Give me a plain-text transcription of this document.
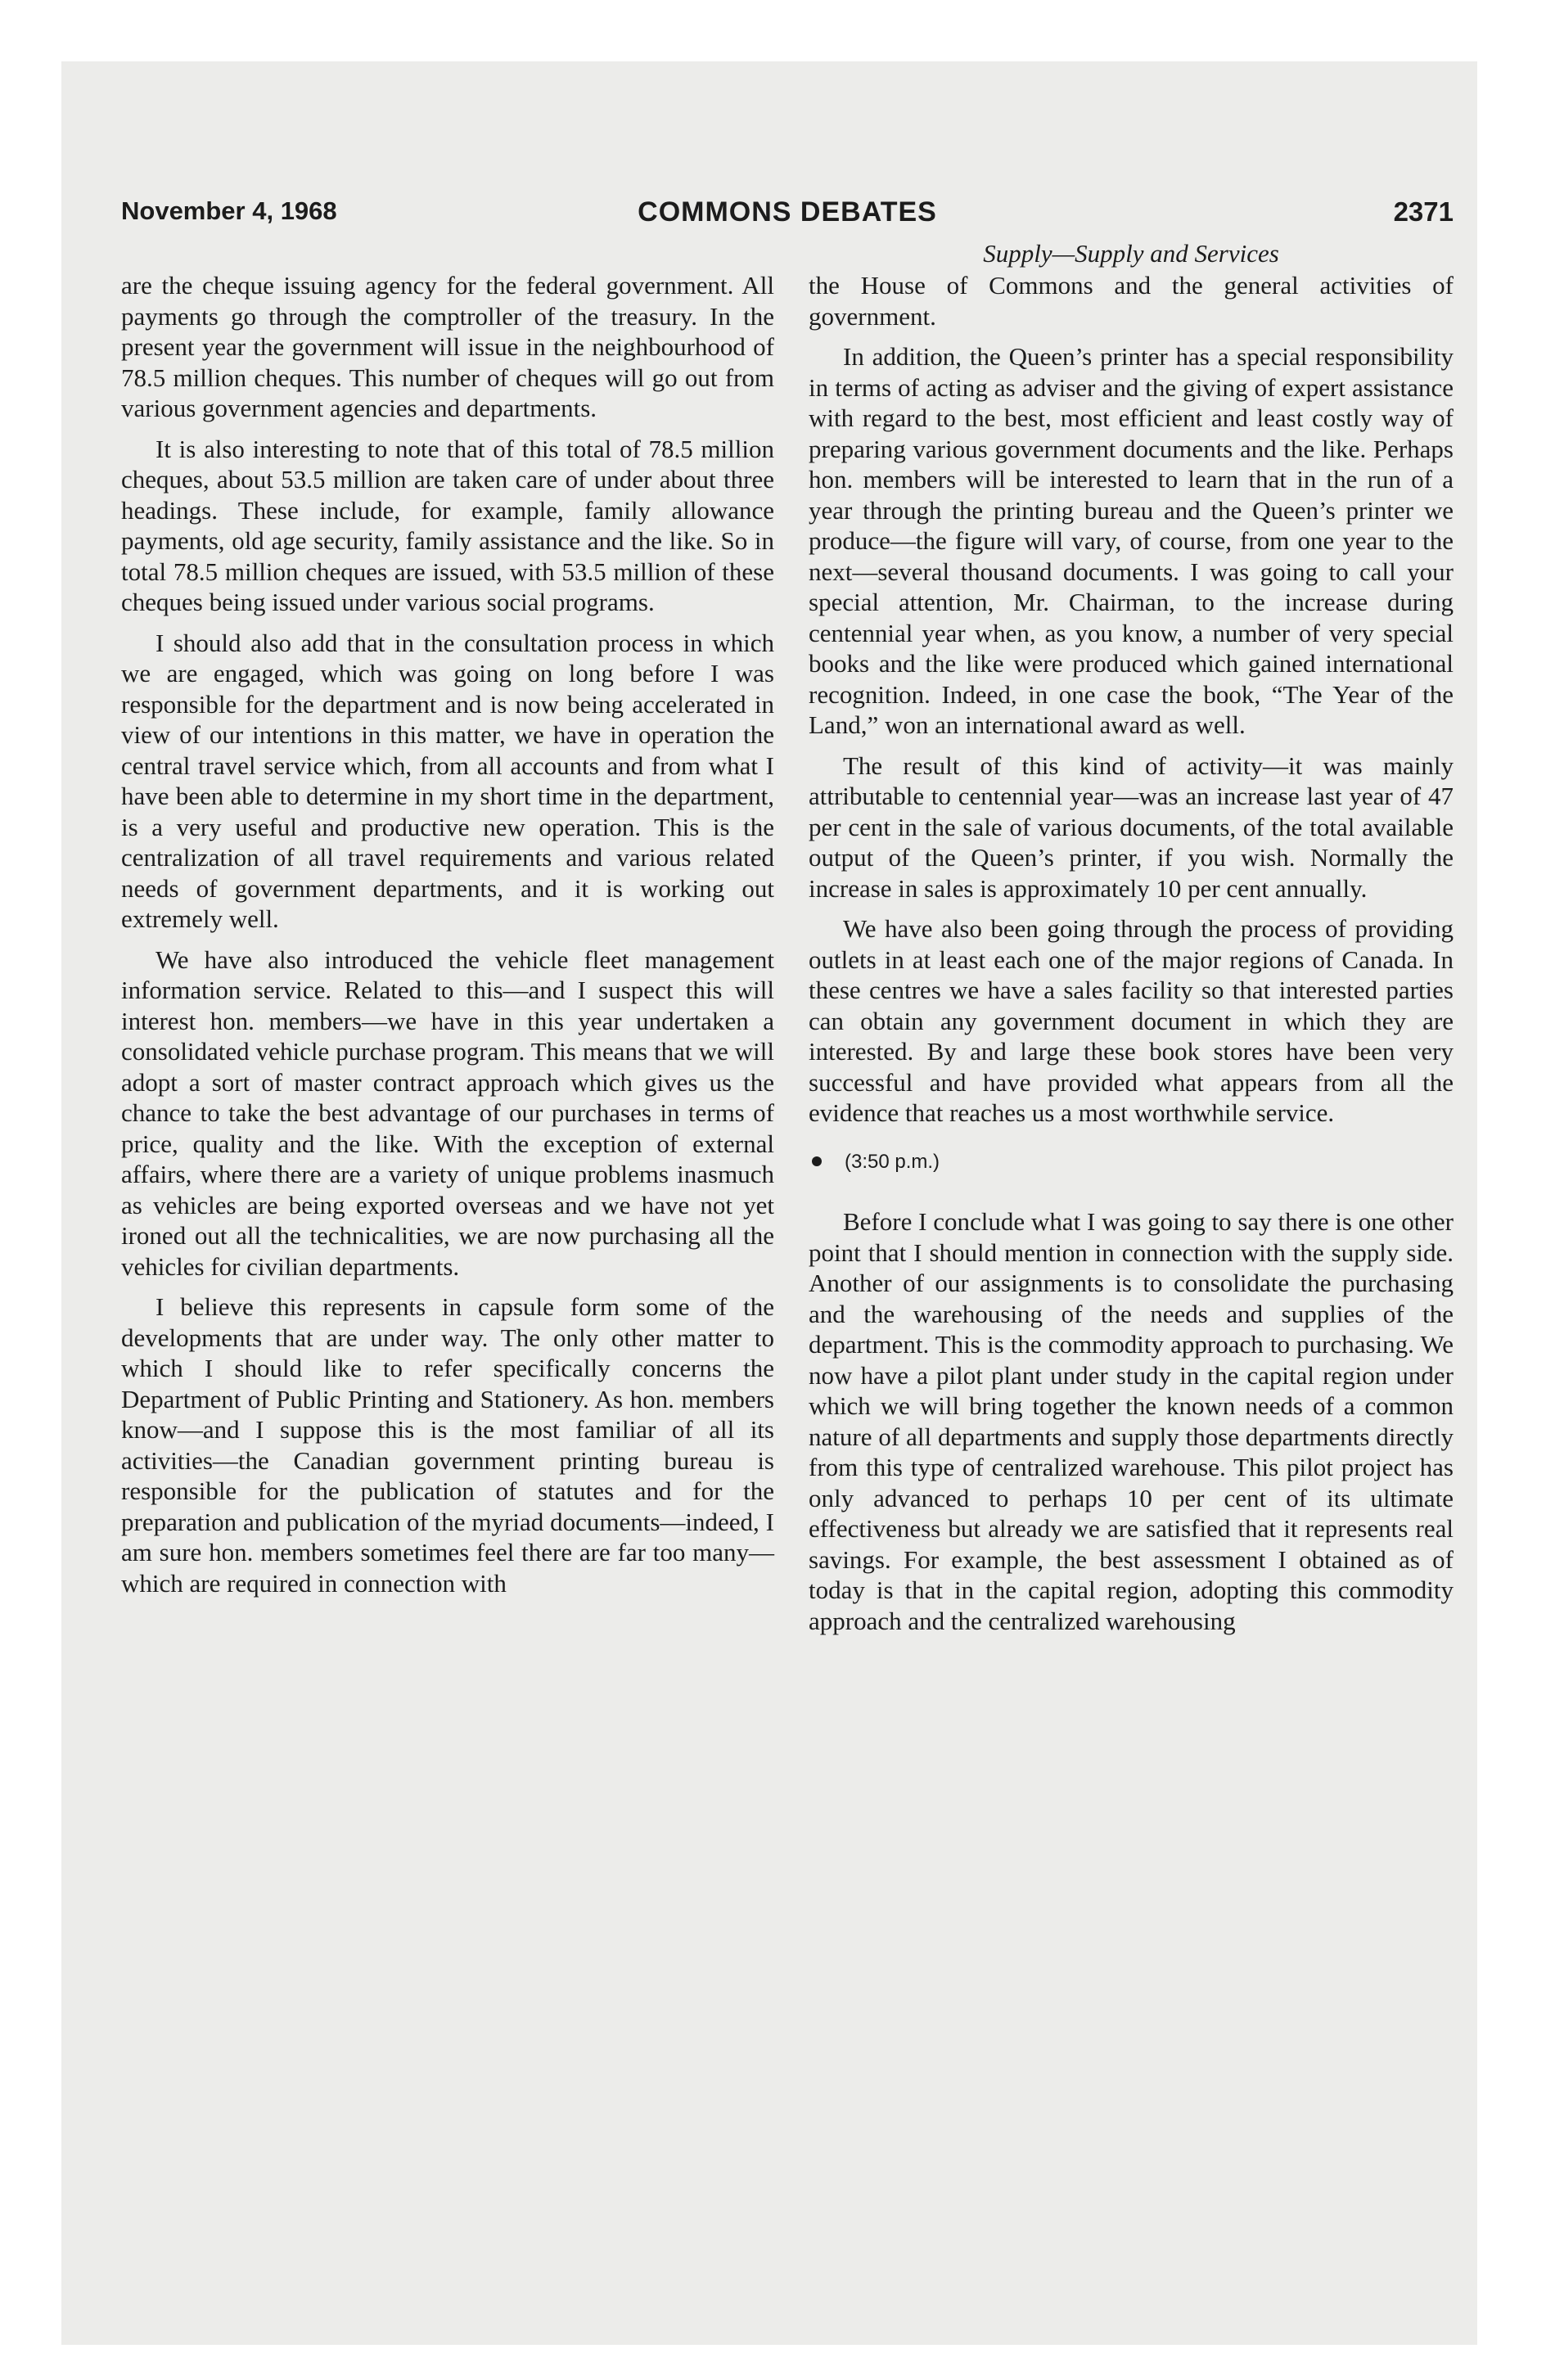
November 4, 1968	COMMONS DEBATES	2371
Supply—Supply and Services

are the cheque issuing agency for the federal government. All payments go through the comptroller of the treasury. In the present year the government will issue in the neighbourhood of 78.5 million cheques. This number of cheques will go out from various government agencies and departments.

It is also interesting to note that of this total of 78.5 million cheques, about 53.5 million are taken care of under about three headings. These include, for example, family allowance payments, old age security, family assistance and the like. So in total 78.5 million cheques are issued, with 53.5 million of these cheques being issued under various social programs.

I should also add that in the consultation process in which we are engaged, which was going on long before I was responsible for the department and is now being accelerated in view of our intentions in this matter, we have in operation the central travel service which, from all accounts and from what I have been able to determine in my short time in the department, is a very useful and productive new operation. This is the centralization of all travel requirements and various related needs of government departments, and it is working out extremely well.

We have also introduced the vehicle fleet management information service. Related to this—and I suspect this will interest hon. members—we have in this year undertaken a consolidated vehicle purchase program. This means that we will adopt a sort of master contract approach which gives us the chance to take the best advantage of our purchases in terms of price, quality and the like. With the exception of external affairs, where there are a variety of unique problems inasmuch as vehicles are being exported overseas and we have not yet ironed out all the technicalities, we are now purchasing all the vehicles for civilian departments.

I believe this represents in capsule form some of the developments that are under way. The only other matter to which I should like to refer specifically concerns the Department of Public Printing and Stationery. As hon. members know—and I suppose this is the most familiar of all its activities—the Canadian government printing bureau is responsible for the publication of statutes and for the preparation and publication of the myriad documents—indeed, I am sure hon. members sometimes feel there are far too many—which are required in connection with

the House of Commons and the general activities of government.

In addition, the Queen’s printer has a special responsibility in terms of acting as adviser and the giving of expert assistance with regard to the best, most efficient and least costly way of preparing various government documents and the like. Perhaps hon. members will be interested to learn that in the run of a year through the printing bureau and the Queen’s printer we produce—the figure will vary, of course, from one year to the next—several thousand documents. I was going to call your special attention, Mr. Chairman, to the increase during centennial year when, as you know, a number of very special books and the like were produced which gained international recognition. Indeed, in one case the book, “The Year of the Land,” won an international award as well.

The result of this kind of activity—it was mainly attributable to centennial year—was an increase last year of 47 per cent in the sale of various documents, of the total available output of the Queen’s printer, if you wish. Normally the increase in sales is approximately 10 per cent annually.

We have also been going through the process of providing outlets in at least each one of the major regions of Canada. In these centres we have a sales facility so that interested parties can obtain any government document in which they are interested. By and large these book stores have been very successful and have provided what appears from all the evidence that reaches us a most worthwhile service.

(3:50 p.m.)

Before I conclude what I was going to say there is one other point that I should mention in connection with the supply side. Another of our assignments is to consolidate the purchasing and the warehousing of the needs and supplies of the department. This is the commodity approach to purchasing. We now have a pilot plant under study in the capital region under which we will bring together the known needs of a common nature of all departments and supply those departments directly from this type of centralized warehouse. This pilot project has only advanced to perhaps 10 per cent of its ultimate effectiveness but already we are satisfied that it represents real savings. For example, the best assessment I obtained as of today is that in the capital region, adopting this commodity approach and the centralized warehousing
